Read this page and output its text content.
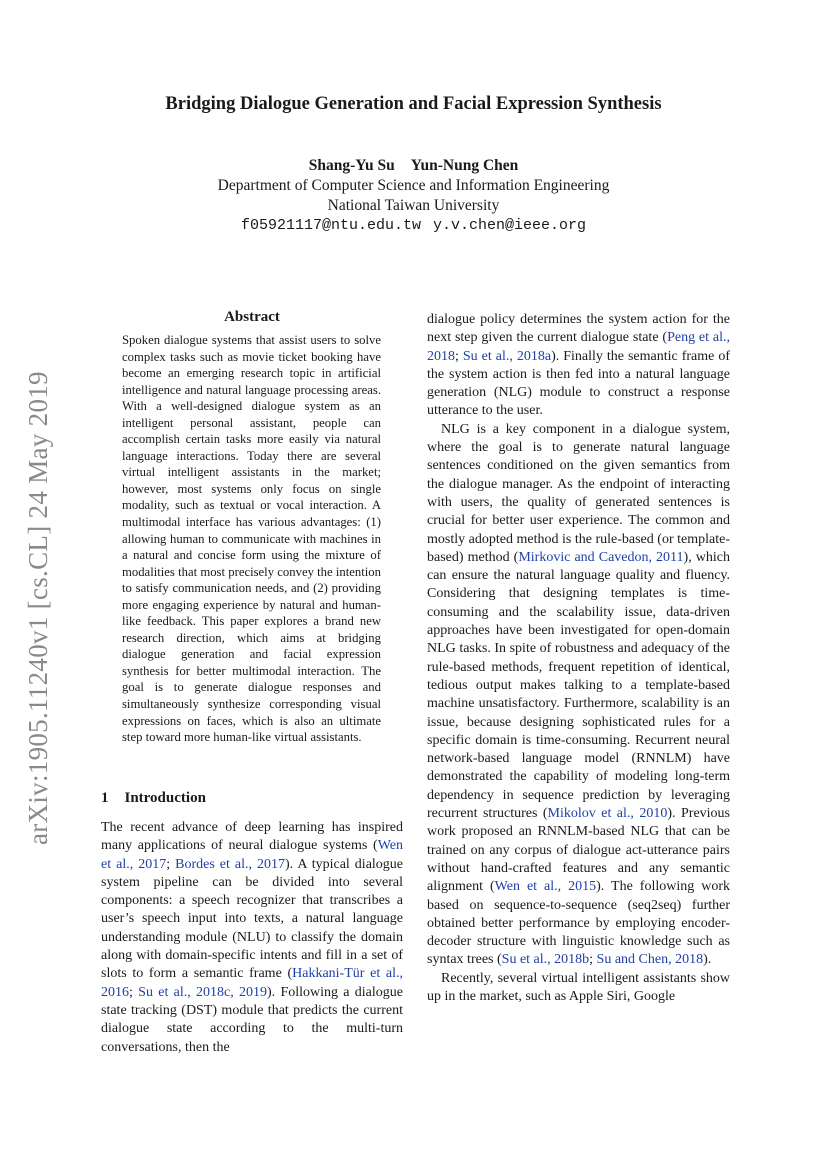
arXiv:1905.11240v1 [cs.CL] 24 May 2019
Bridging Dialogue Generation and Facial Expression Synthesis
Shang-Yu Su Yun-Nung Chen
Department of Computer Science and Information Engineering
National Taiwan University
f05921117@ntu.edu.tw y.v.chen@ieee.org
Abstract

Spoken dialogue systems that assist users to solve complex tasks such as movie ticket booking have become an emerging research topic in artificial intelligence and natural language processing areas. With a well-designed dialogue system as an intelligent personal assistant, people can accomplish certain tasks more easily via natural language interactions. Today there are several virtual intelligent assistants in the market; however, most systems only focus on single modality, such as textual or vocal interaction. A multimodal interface has various advantages: (1) allowing human to communicate with machines in a natural and concise form using the mixture of modalities that most precisely convey the intention to satisfy communication needs, and (2) providing more engaging experience by natural and human-like feedback. This paper explores a brand new research direction, which aims at bridging dialogue generation and facial expression synthesis for better multimodal interaction. The goal is to generate dialogue responses and simultaneously synthesize corresponding visual expressions on faces, which is also an ultimate step toward more human-like virtual assistants.

1 Introduction

The recent advance of deep learning has inspired many applications of neural dialogue systems (Wen et al., 2017; Bordes et al., 2017). A typical dialogue system pipeline can be divided into several components: a speech recognizer that transcribes a user’s speech input into texts, a natural language understanding module (NLU) to classify the domain along with domain-specific intents and fill in a set of slots to form a semantic frame (Hakkani-Tür et al., 2016; Su et al., 2018c, 2019). Following a dialogue state tracking (DST) module that predicts the current dialogue state according to the multi-turn conversations, then the

dialogue policy determines the system action for the next step given the current dialogue state (Peng et al., 2018; Su et al., 2018a). Finally the semantic frame of the system action is then fed into a natural language generation (NLG) module to construct a response utterance to the user.

NLG is a key component in a dialogue system, where the goal is to generate natural language sentences conditioned on the given semantics from the dialogue manager. As the endpoint of interacting with users, the quality of generated sentences is crucial for better user experience. The common and mostly adopted method is the rule-based (or template-based) method (Mirkovic and Cavedon, 2011), which can ensure the natural language quality and fluency. Considering that designing templates is time-consuming and the scalability issue, data-driven approaches have been investigated for open-domain NLG tasks. In spite of robustness and adequacy of the rule-based methods, frequent repetition of identical, tedious output makes talking to a template-based machine unsatisfactory. Furthermore, scalability is an issue, because designing sophisticated rules for a specific domain is time-consuming. Recurrent neural network-based language model (RNNLM) have demonstrated the capability of modeling long-term dependency in sequence prediction by leveraging recurrent structures (Mikolov et al., 2010). Previous work proposed an RNNLM-based NLG that can be trained on any corpus of dialogue act-utterance pairs without hand-crafted features and any semantic alignment (Wen et al., 2015). The following work based on sequence-to-sequence (seq2seq) further obtained better performance by employing encoder-decoder structure with linguistic knowledge such as syntax trees (Su et al., 2018b; Su and Chen, 2018).

Recently, several virtual intelligent assistants show up in the market, such as Apple Siri, Google
